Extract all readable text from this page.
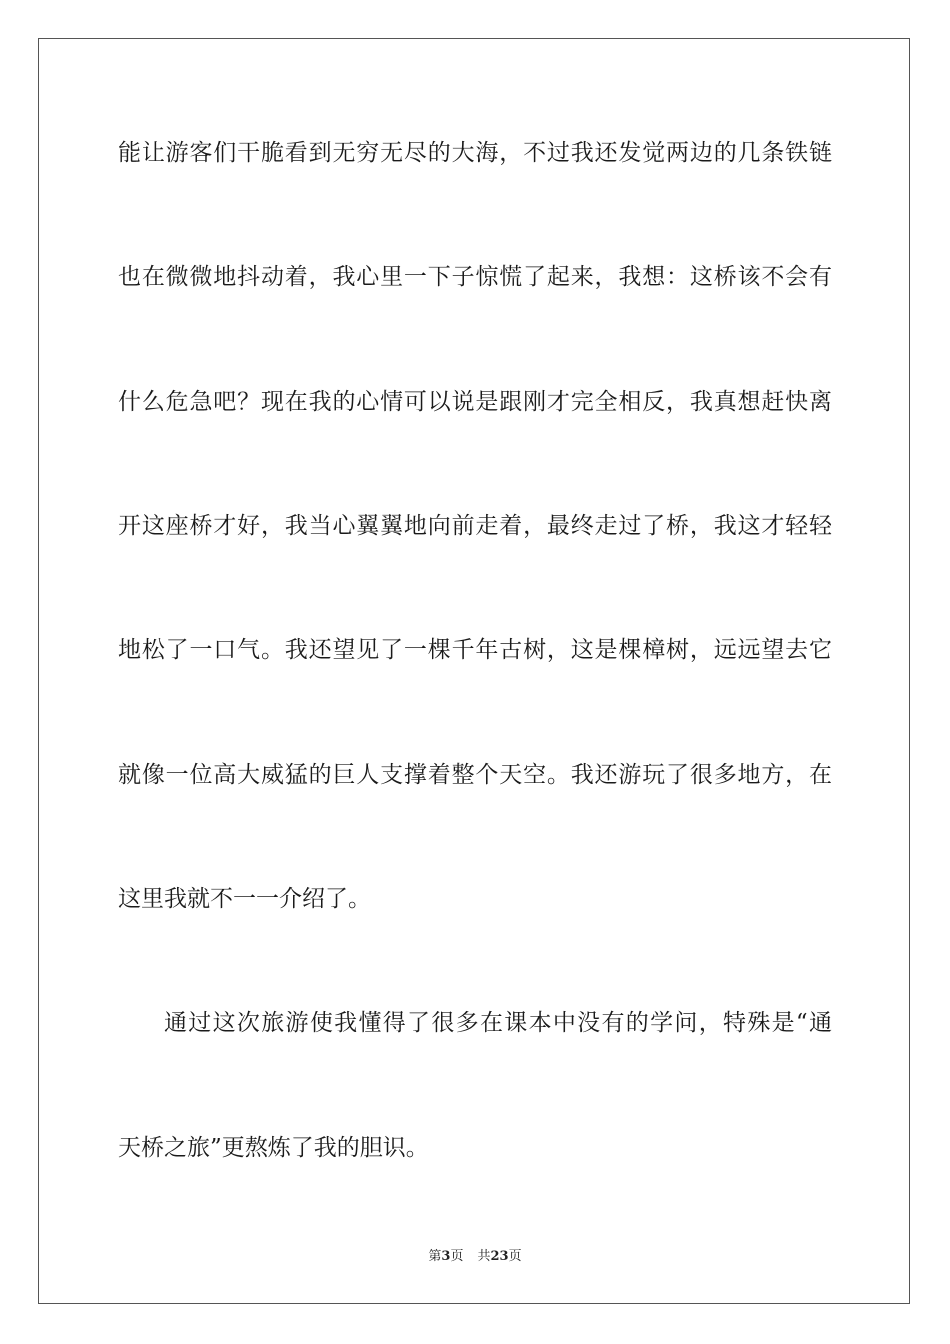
能让游客们干脆看到无穷无尽的大海，不过我还发觉两边的几条铁链
也在微微地抖动着，我心里一下子惊慌了起来，我想：这桥该不会有
什么危急吧？现在我的心情可以说是跟刚才完全相反，我真想赶快离
开这座桥才好，我当心翼翼地向前走着，最终走过了桥，我这才轻轻
地松了一口气。我还望见了一棵千年古树，这是棵樟树，远远望去它
就像一位高大威猛的巨人支撑着整个天空。我还游玩了很多地方，在
这里我就不一一介绍了。
通过这次旅游使我懂得了很多在课本中没有的学问，特殊是“通
天桥之旅”更熬炼了我的胆识。
第3页 共23页
